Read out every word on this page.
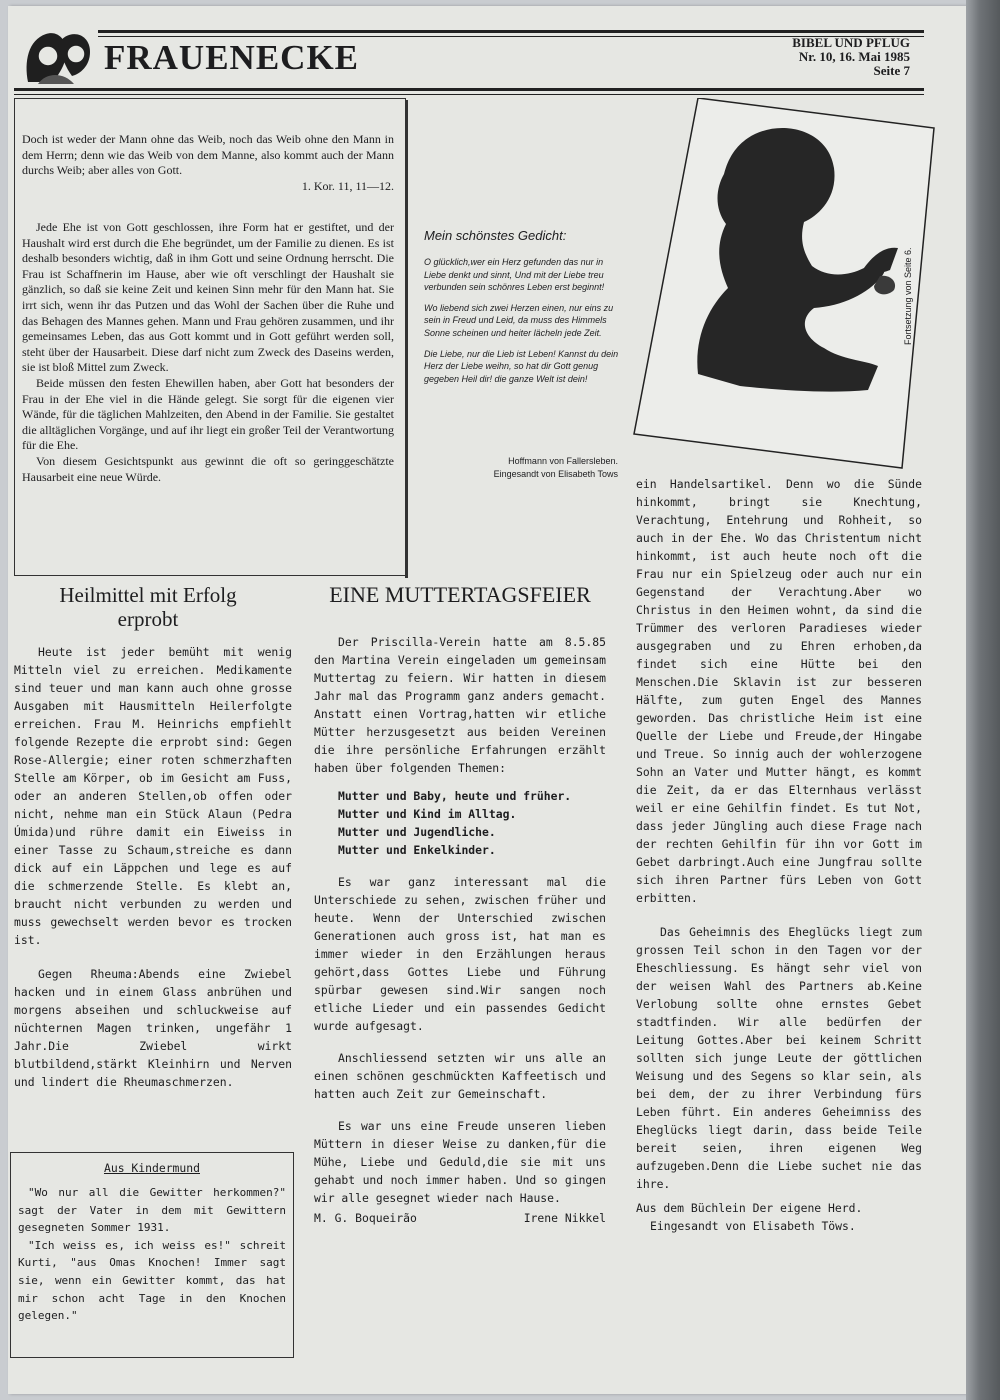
FRAUENECKE	BIBEL UND PFLUG
Nr. 10, 16. Mai 1985
Seite 7
Doch ist weder der Mann ohne das Weib, noch das Weib ohne den Mann in dem Herrn; denn wie das Weib von dem Manne, also kommt auch der Mann durchs Weib; aber alles von Gott.
1. Kor. 11, 11—12.

Jede Ehe ist von Gott geschlossen, ihre Form hat er gestiftet, und der Haushalt wird erst durch die Ehe begründet, um der Familie zu dienen. Es ist deshalb besonders wichtig, daß in ihm Gott und seine Ordnung herrscht. Die Frau ist Schaffnerin im Hause, aber wie oft verschlingt der Haushalt sie gänzlich, so daß sie keine Zeit und keinen Sinn mehr für den Mann hat. Sie irrt sich, wenn ihr das Putzen und das Wohl der Sachen über die Ruhe und das Behagen des Mannes gehen. Mann und Frau gehören zusammen, und ihr gemeinsames Leben, das aus Gott kommt und in Gott geführt werden soll, steht über der Hausarbeit. Diese darf nicht zum Zweck des Daseins werden, sie ist bloß Mittel zum Zweck.

Beide müssen den festen Ehewillen haben, aber Gott hat besonders der Frau in der Ehe viel in die Hände gelegt. Sie sorgt für die eigenen vier Wände, für die täglichen Mahlzeiten, den Abend in der Familie. Sie gestaltet die alltäglichen Vorgänge, und auf ihr liegt ein großer Teil der Verantwortung für die Ehe.

Von diesem Gesichtspunkt aus gewinnt die oft so geringgeschätzte Hausarbeit eine neue Würde.

Mein schönstes Gedicht:

O glücklich,wer ein Herz gefunden das nur in Liebe denkt und sinnt, Und mit der Liebe treu verbunden sein schönres Leben erst beginnt!

Wo liebend sich zwei Herzen einen, nur eins zu sein in Freud und Leid, da muss des Himmels Sonne scheinen und heiter lächeln jede Zeit.

Die Liebe, nur die Lieb ist Leben! Kannst du dein Herz der Liebe weihn, so hat dir Gott genug gegeben Heil dir! die ganze Welt ist dein!

Hoffmann von Fallersleben.
Eingesandt von Elisabeth Tows
Fortsetzung von Seite 6.
Heilmittel mit Erfolg erprobt

Heute ist jeder bemüht mit wenig Mitteln viel zu erreichen. Medikamente sind teuer und man kann auch ohne grosse Ausgaben mit Hausmitteln Heilerfolgte erreichen. Frau M. Heinrichs empfiehlt folgende Rezepte die erprobt sind: Gegen Rose-Allergie; einer roten schmerzhaften Stelle am Körper, ob im Gesicht am Fuss, oder an anderen Stellen,ob offen oder nicht, nehme man ein Stück Alaun (Pedra Úmida)und rühre damit ein Eiweiss in einer Tasse zu Schaum,streiche es dann dick auf ein Läppchen und lege es auf die schmerzende Stelle. Es klebt an, braucht nicht verbunden zu werden und muss gewechselt werden bevor es trocken ist.

Gegen Rheuma:Abends eine Zwiebel hacken und in einem Glass anbrühen und morgens abseihen und schluckweise auf nüchternen Magen trinken, ungefähr 1 Jahr.Die Zwiebel wirkt blutbildend,stärkt Kleinhirn und Nerven und lindert die Rheumaschmerzen.

Aus Kindermund

"Wo nur all die Gewitter herkommen?" sagt der Vater in dem mit Gewittern gesegneten Sommer 1931.

"Ich weiss es, ich weiss es!" schreit Kurti, "aus Omas Knochen! Immer sagt sie, wenn ein Gewitter kommt, das hat mir schon acht Tage in den Knochen gelegen."

EINE MUTTERTAGSFEIER

Der Priscilla-Verein hatte am 8.5.85 den Martina Verein eingeladen um gemeinsam Muttertag zu feiern. Wir hatten in diesem Jahr mal das Programm ganz anders gemacht. Anstatt einen Vortrag,hatten wir etliche Mütter herzusgesetzt aus beiden Vereinen die ihre persönliche Erfahrungen erzählt haben über folgenden Themen:

Mutter und Baby, heute und früher.
Mutter und Kind im Alltag.
Mutter und Jugendliche.
Mutter und Enkelkinder.

Es war ganz interessant mal die Unterschiede zu sehen, zwischen früher und heute. Wenn der Unterschied zwischen Generationen auch gross ist, hat man es immer wieder in den Erzählungen heraus gehört,dass Gottes Liebe und Führung spürbar gewesen sind.Wir sangen noch etliche Lieder und ein passendes Gedicht wurde aufgesagt.

Anschliessend setzten wir uns alle an einen schönen geschmückten Kaffeetisch und hatten auch Zeit zur Gemeinschaft.

Es war uns eine Freude unseren lieben Müttern in dieser Weise zu danken,für die Mühe, Liebe und Geduld,die sie mit uns gehabt und noch immer haben. Und so gingen wir alle gesegnet wieder nach Hause.

M. G. Boqueirão	Irene Nikkel

ein Handelsartikel. Denn wo die Sünde hinkommt, bringt sie Knechtung, Verachtung, Entehrung und Rohheit, so auch in der Ehe. Wo das Christentum nicht hinkommt, ist auch heute noch oft die Frau nur ein Spielzeug oder auch nur ein Gegenstand der Verachtung.Aber wo Christus in den Heimen wohnt, da sind die Trümmer des verloren Paradieses wieder ausgegraben und zu Ehren erhoben,da findet sich eine Hütte bei den Menschen.Die Sklavin ist zur besseren Hälfte, zum guten Engel des Mannes geworden. Das christliche Heim ist eine Quelle der Liebe und Freude,der Hingabe und Treue. So innig auch der wohlerzogene Sohn an Vater und Mutter hängt, es kommt die Zeit, da er das Elternhaus verlässt weil er eine Gehilfin findet. Es tut Not, dass jeder Jüngling auch diese Frage nach der rechten Gehilfin für ihn vor Gott im Gebet darbringt.Auch eine Jungfrau sollte sich ihren Partner fürs Leben von Gott erbitten.

Das Geheimnis des Eheglücks liegt zum grossen Teil schon in den Tagen vor der Eheschliessung. Es hängt sehr viel von der weisen Wahl des Partners ab.Keine Verlobung sollte ohne ernstes Gebet stadtfinden. Wir alle bedürfen der Leitung Gottes.Aber bei keinem Schritt sollten sich junge Leute der göttlichen Weisung und des Segens so klar sein, als bei dem, der zu ihrer Verbindung fürs Leben führt. Ein anderes Geheimniss des Eheglücks liegt darin, dass beide Teile bereit seien, ihren eigenen Weg aufzugeben.Denn die Liebe suchet nie das ihre.

Aus dem Büchlein Der eigene Herd.
Eingesandt von Elisabeth Töws.
